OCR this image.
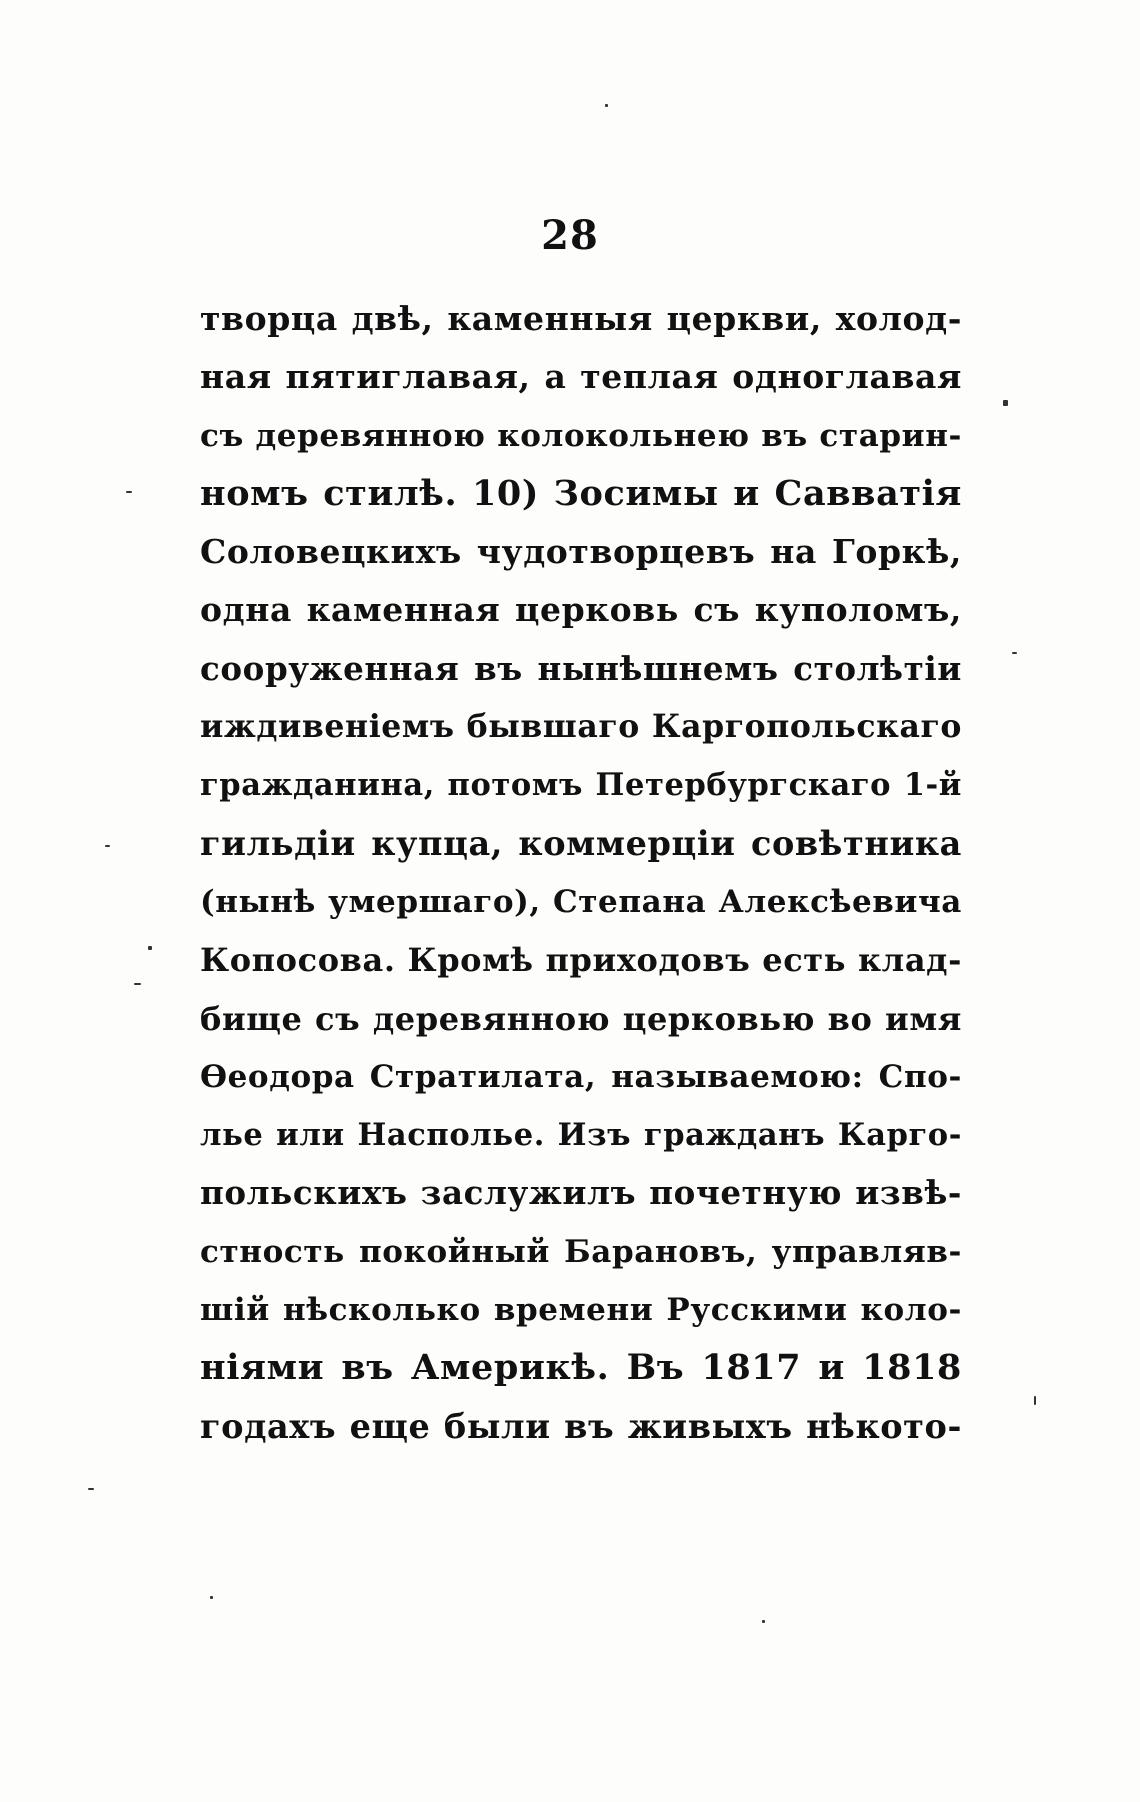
28
творца двѣ, каменныя церкви, холод-
ная пятиглавая, а теплая одноглавая
съ деревянною колокольнею въ старин-
номъ стилѣ. 10) Зосимы и Савватія
Соловецкихъ чудотворцевъ на Горкѣ,
одна каменная церковь съ куполомъ,
сооруженная въ нынѣшнемъ столѣтіи
иждивеніемъ бывшаго Каргопольскаго
гражданина, потомъ Петербургскаго 1-й
гильдіи купца, коммерціи совѣтника
(нынѣ умершаго), Степана Алексѣевича
Копосова. Кромѣ приходовъ есть клад-
бище съ деревянною церковью во имя
Ѳеодора Стратилата, называемою: Спо-
лье или Насполье. Изъ гражданъ Карго-
польскихъ заслужилъ почетную извѣ-
стность покойный Барановъ, управляв-
шій нѣсколько времени Русскими коло-
ніями въ Америкѣ. Въ 1817 и 1818
годахъ еще были въ живыхъ нѣкото-
